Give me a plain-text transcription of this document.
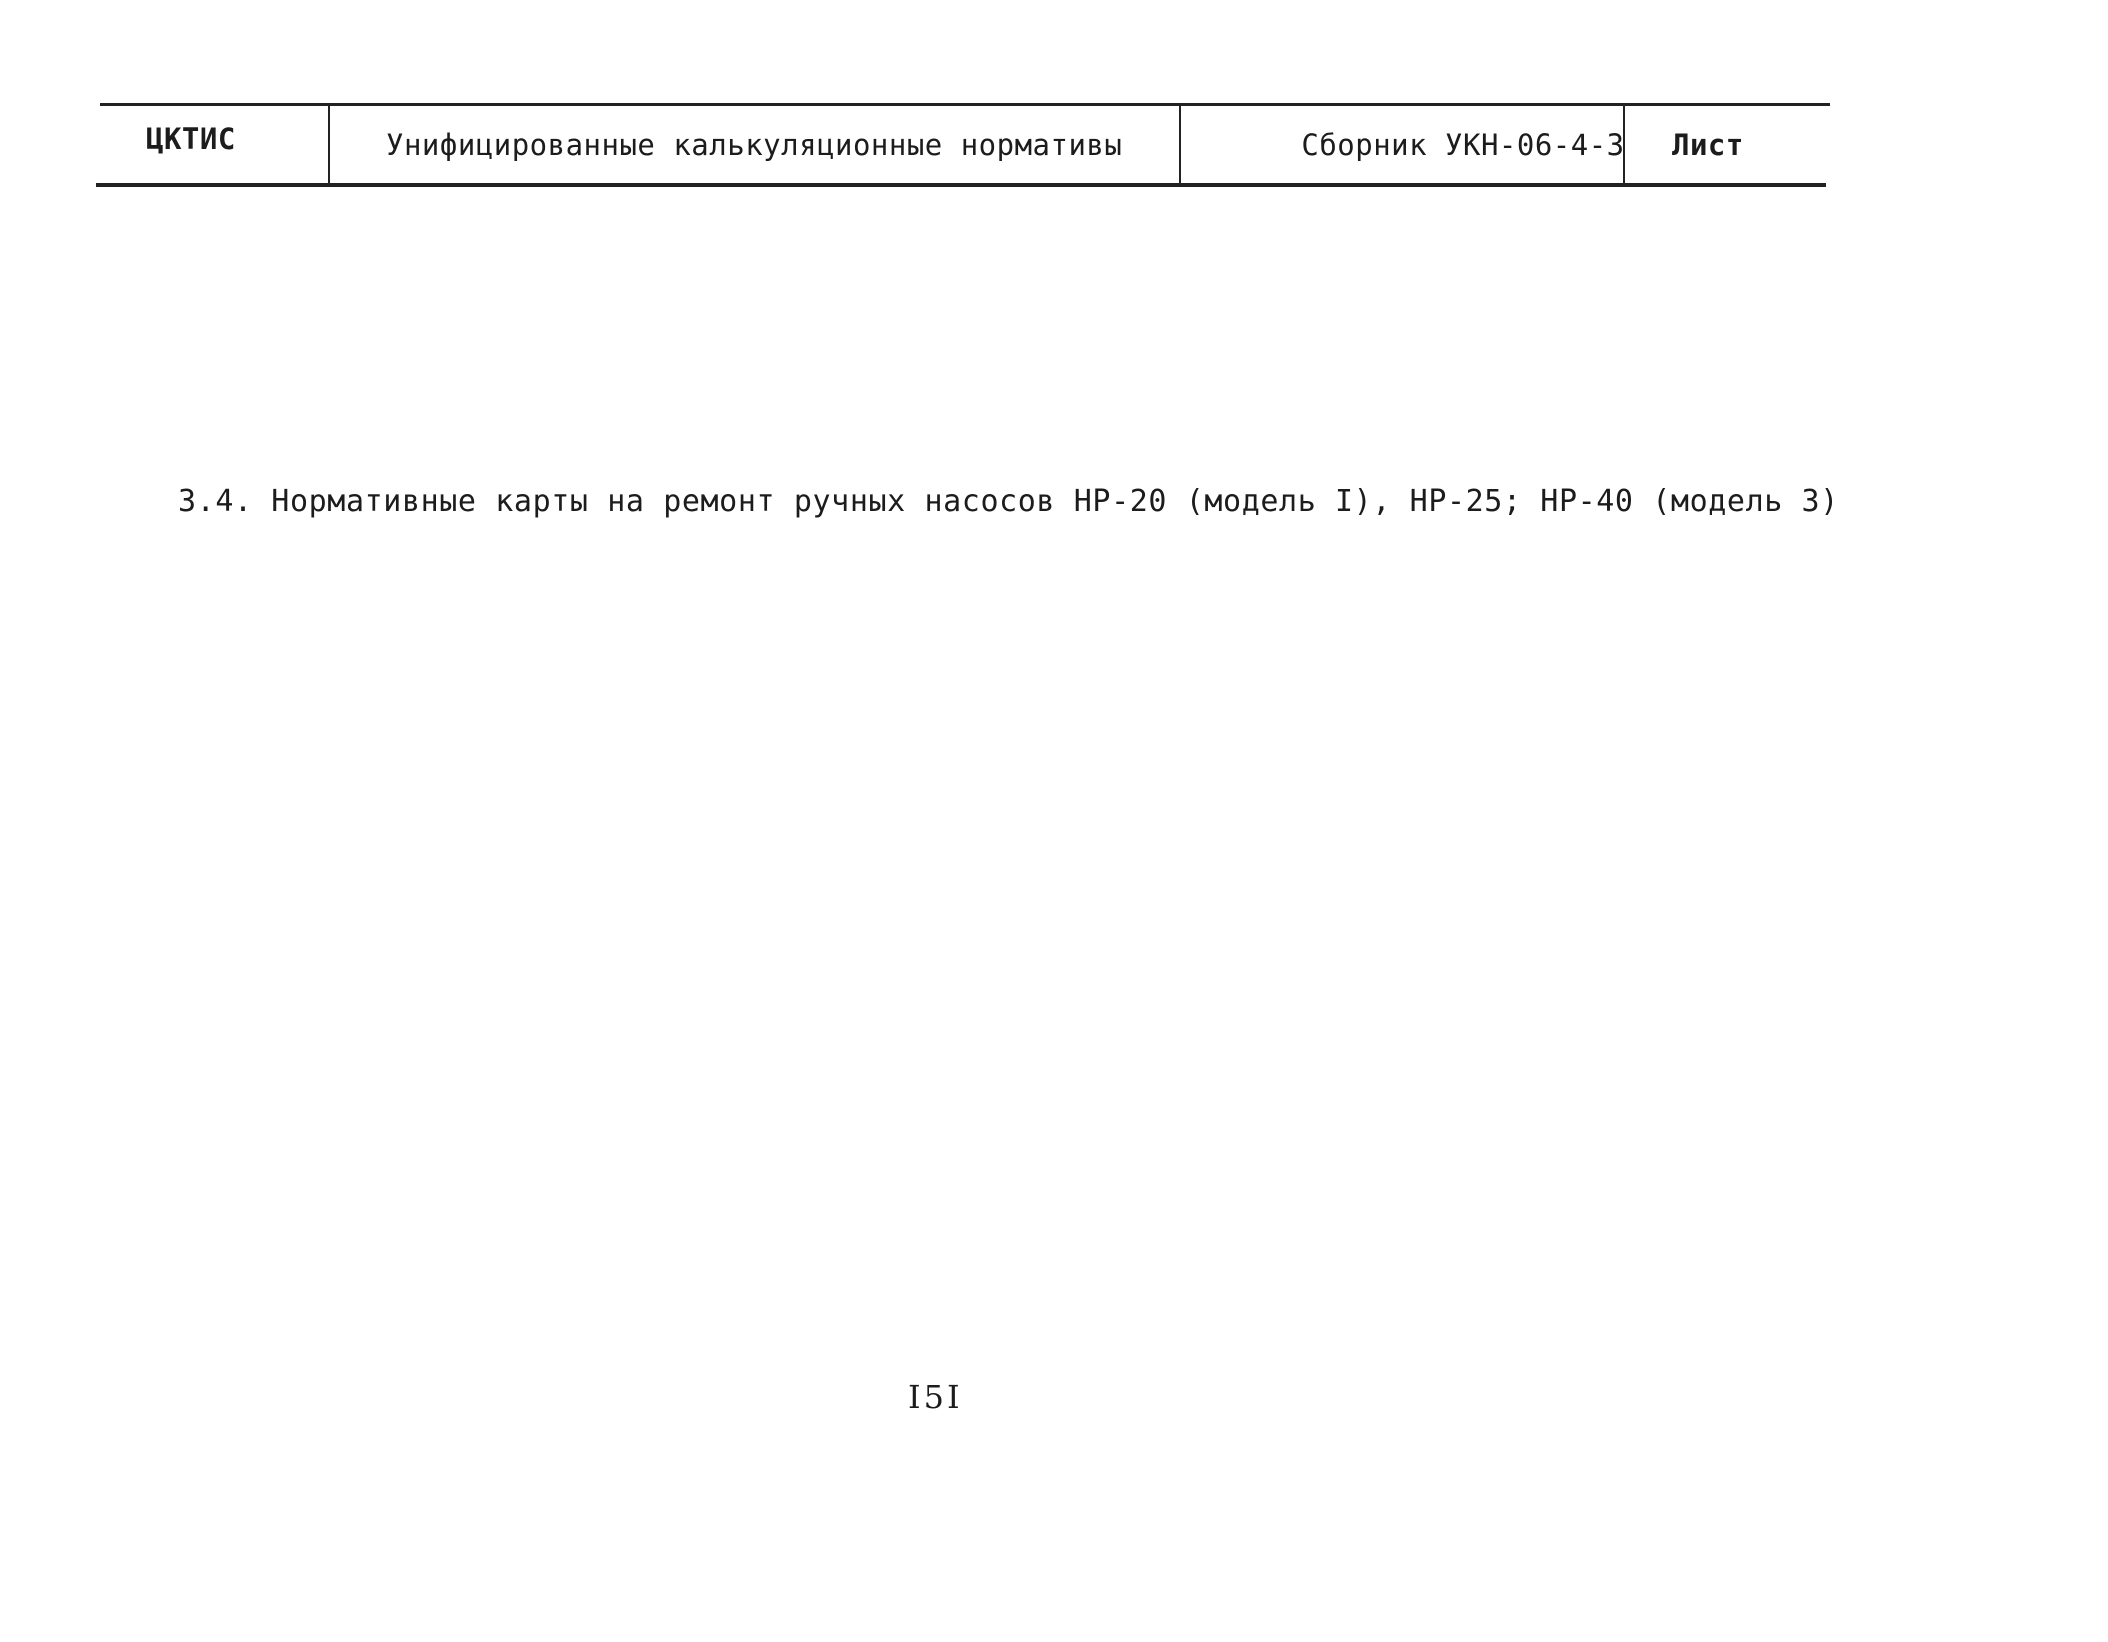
ЦКТИС	Унифицированные калькуляционные нормативы	Сборник УКН-06-4-3 Лист
3.4. Нормативные карты на ремонт ручных насосов НР-20 (модель I), НР-25; НР-40 (модель 3)
I5I
